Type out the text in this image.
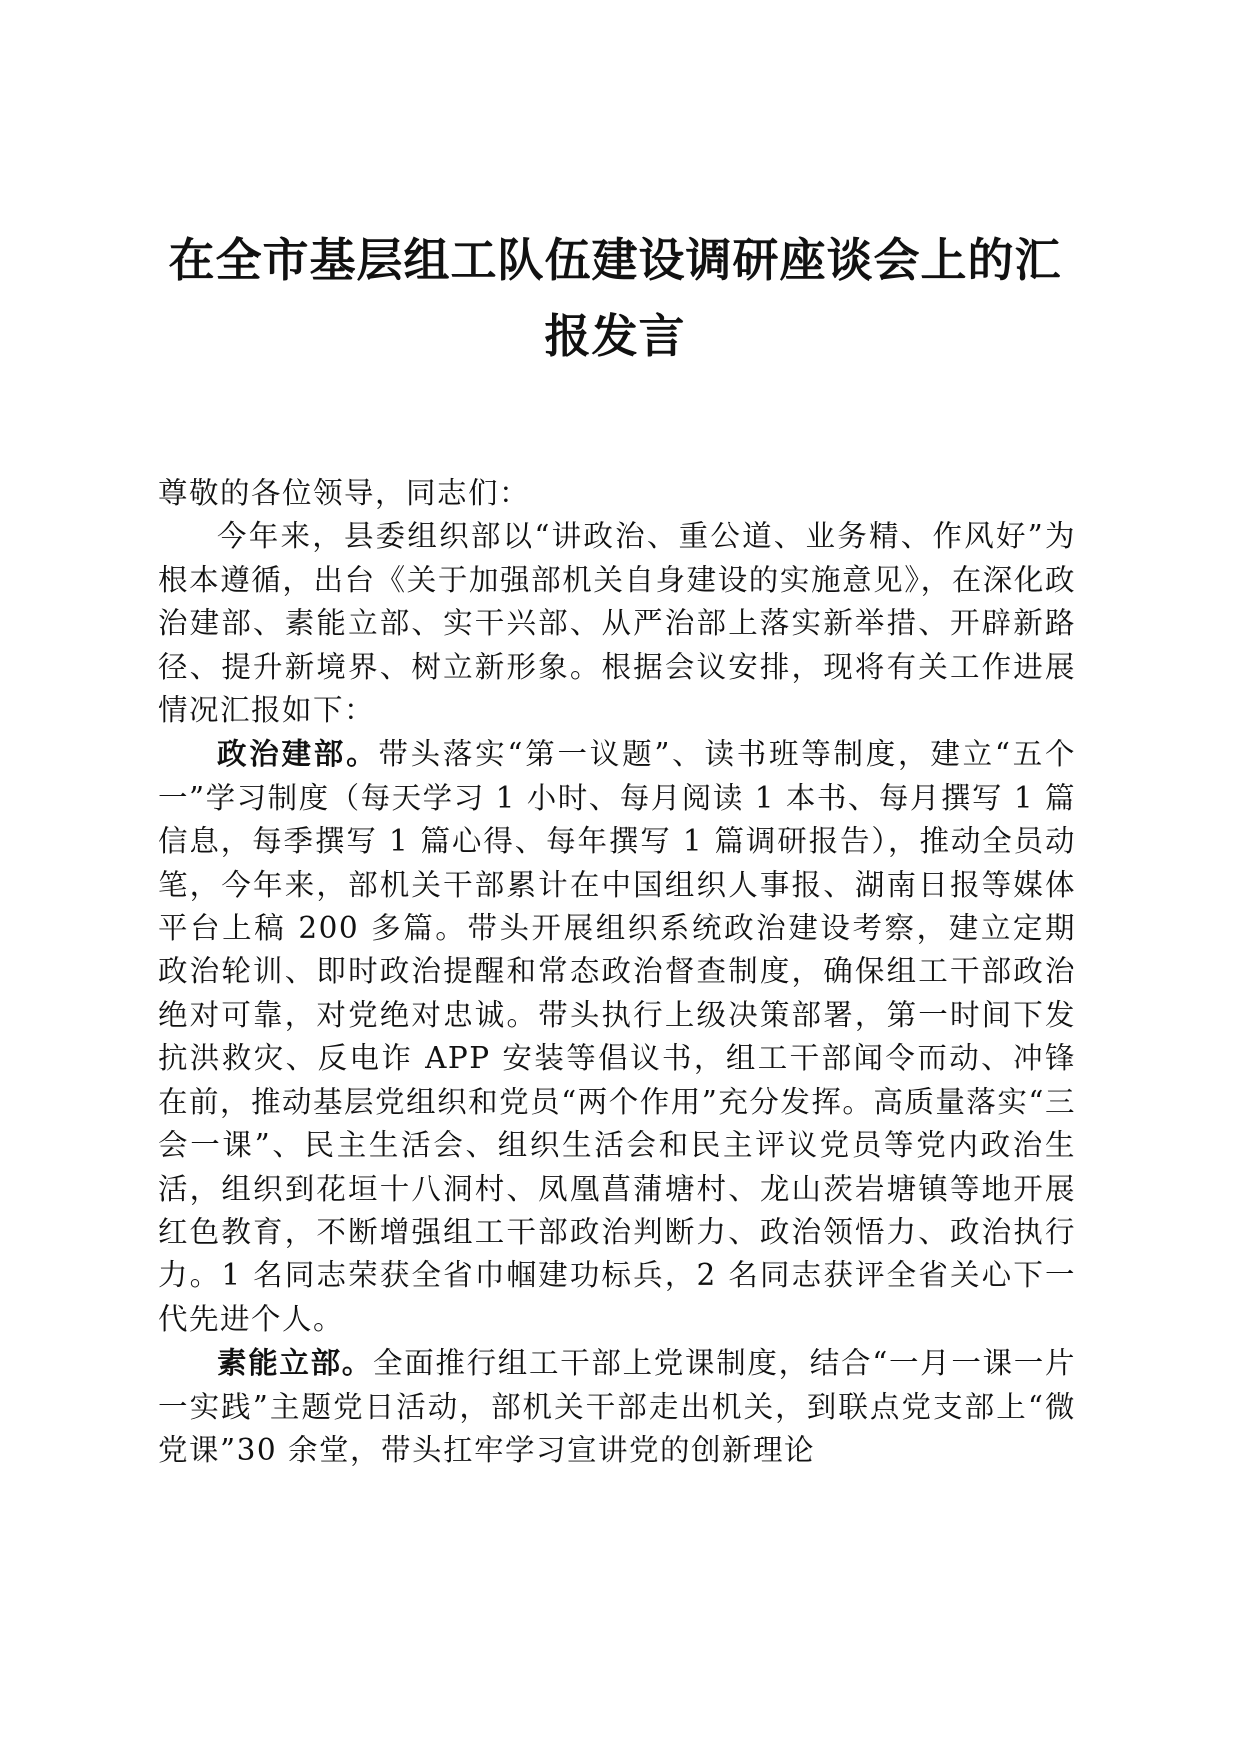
在全市基层组工队伍建设调研座谈会上的汇报发言

尊敬的各位领导，同志们：

今年来，县委组织部以“讲政治、重公道、业务精、作风好”为根本遵循，出台《关于加强部机关自身建设的实施意见》，在深化政治建部、素能立部、实干兴部、从严治部上落实新举措、开辟新路径、提升新境界、树立新形象。根据会议安排，现将有关工作进展情况汇报如下：

政治建部。带头落实“第一议题”、读书班等制度，建立“五个一”学习制度（每天学习 1 小时、每月阅读 1 本书、每月撰写 1 篇信息，每季撰写 1 篇心得、每年撰写 1 篇调研报告），推动全员动笔，今年来，部机关干部累计在中国组织人事报、湖南日报等媒体平台上稿 200 多篇。带头开展组织系统政治建设考察，建立定期政治轮训、即时政治提醒和常态政治督查制度，确保组工干部政治绝对可靠，对党绝对忠诚。带头执行上级决策部署，第一时间下发抗洪救灾、反电诈 APP 安装等倡议书，组工干部闻令而动、冲锋在前，推动基层党组织和党员“两个作用”充分发挥。高质量落实“三会一课”、民主生活会、组织生活会和民主评议党员等党内政治生活，组织到花垣十八洞村、凤凰菖蒲塘村、龙山茨岩塘镇等地开展红色教育，不断增强组工干部政治判断力、政治领悟力、政治执行力。1 名同志荣获全省巾帼建功标兵，2 名同志获评全省关心下一代先进个人。

素能立部。全面推行组工干部上党课制度，结合“一月一课一片一实践”主题党日活动，部机关干部走出机关，到联点党支部上“微党课”30 余堂，带头扛牢学习宣讲党的创新理论
